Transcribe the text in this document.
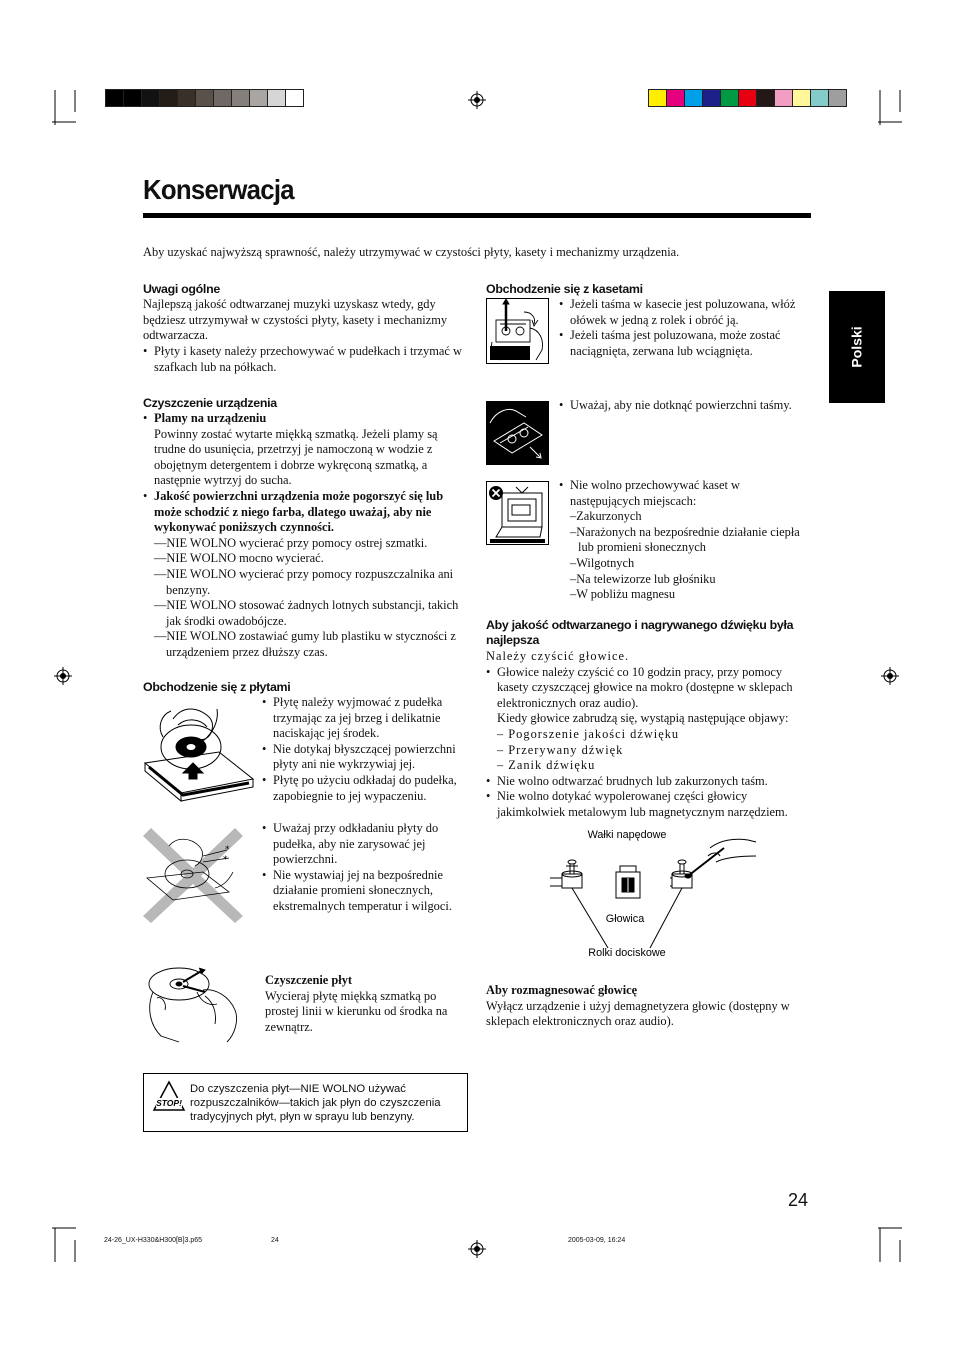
Konserwacja
Aby uzyskać najwyższą sprawność, należy utrzymywać w czystości płyty, kasety i mechanizmy urządzenia.
Polski
Uwagi ogólne
Najlepszą jakość odtwarzanej muzyki uzyskasz wtedy, gdy będziesz utrzymywał w czystości płyty, kasety i mechanizmy odtwarzacza.
• Płyty i kasety należy przechowywać w pudełkach i trzymać w szafkach lub na półkach.
Czyszczenie urządzenia
• Plamy na urządzeniu
Powinny zostać wytarte miękką szmatką. Jeżeli plamy są trudne do usunięcia, przetrzyj je namoczoną w wodzie z obojętnym detergentem i dobrze wykręconą szmatką, a następnie wytrzyj do sucha.
• Jakość powierzchni urządzenia może pogorszyć się lub może schodzić z niego farba, dlatego uważaj, aby nie wykonywać poniższych czynności.
—NIE WOLNO wycierać przy pomocy ostrej szmatki.
—NIE WOLNO mocno wycierać.
—NIE WOLNO wycierać przy pomocy rozpuszczalnika ani benzyny.
—NIE WOLNO stosować żadnych lotnych substancji, takich jak środki owadobójcze.
—NIE WOLNO zostawiać gumy lub plastiku w styczności z urządzeniem przez dłuższy czas.
Obchodzenie się z płytami
• Płytę należy wyjmować z pudełka trzymając za jej brzeg i delikatnie naciskając jej środek.
• Nie dotykaj błyszczącej powierzchni płyty ani nie wykrzywiaj jej.
• Płytę po użyciu odkładaj do pudełka, zapobiegnie to jej wypaczeniu.
*
*
• Uważaj przy odkładaniu płyty do pudełka, aby nie zarysować jej powierzchni.
• Nie wystawiaj jej na bezpośrednie działanie promieni słonecznych, ekstremalnych temperatur i wilgoci.
Czyszczenie płyt
Wycieraj płytę miękką szmatką po prostej linii w kierunku od środka na zewnątrz.
STOP!
Do czyszczenia płyt—NIE WOLNO używać rozpuszczalników—takich jak płyn do czyszczenia tradycyjnych płyt, płyn w sprayu lub benzyny.
Obchodzenie się z kasetami
• Jeżeli taśma w kasecie jest poluzowana, włóż ołówek w jedną z rolek i obróć ją.
• Jeżeli taśma jest poluzowana, może zostać naciągnięta, zerwana lub wciągnięta.
• Uważaj, aby nie dotknąć powierzchni taśmy.
• Nie wolno przechowywać kaset w następujących miejscach:
–Zakurzonych
–Narażonych na bezpośrednie działanie ciepła lub promieni słonecznych
–Wilgotnych
–Na telewizorze lub głośniku
–W pobliżu magnesu
Aby jakość odtwarzanego i nagrywanego dźwięku była najlepsza
Należy czyścić głowice.
• Głowice należy czyścić co 10 godzin pracy, przy pomocy kasety czyszczącej głowice na mokro (dostępne w sklepach elektronicznych oraz audio).
Kiedy głowice zabrudzą się, wystąpią następujące objawy:
– Pogorszenie jakości dźwięku
– Przerywany dźwięk
– Zanik dźwięku
• Nie wolno odtwarzać brudnych lub zakurzonych taśm.
• Nie wolno dotykać wypolerowanej części głowicy jakimkolwiek metalowym lub magnetycznym narzędziem.
Wałki napędowe
Głowica
Rolki dociskowe
Aby rozmagnesować głowicę
Wyłącz urządzenie i użyj demagnetyzera głowic (dostępny w sklepach elektronicznych oraz audio).
24
24-26_UX-H330&H300[B]3.p65	24	2005-03-09, 16:24
